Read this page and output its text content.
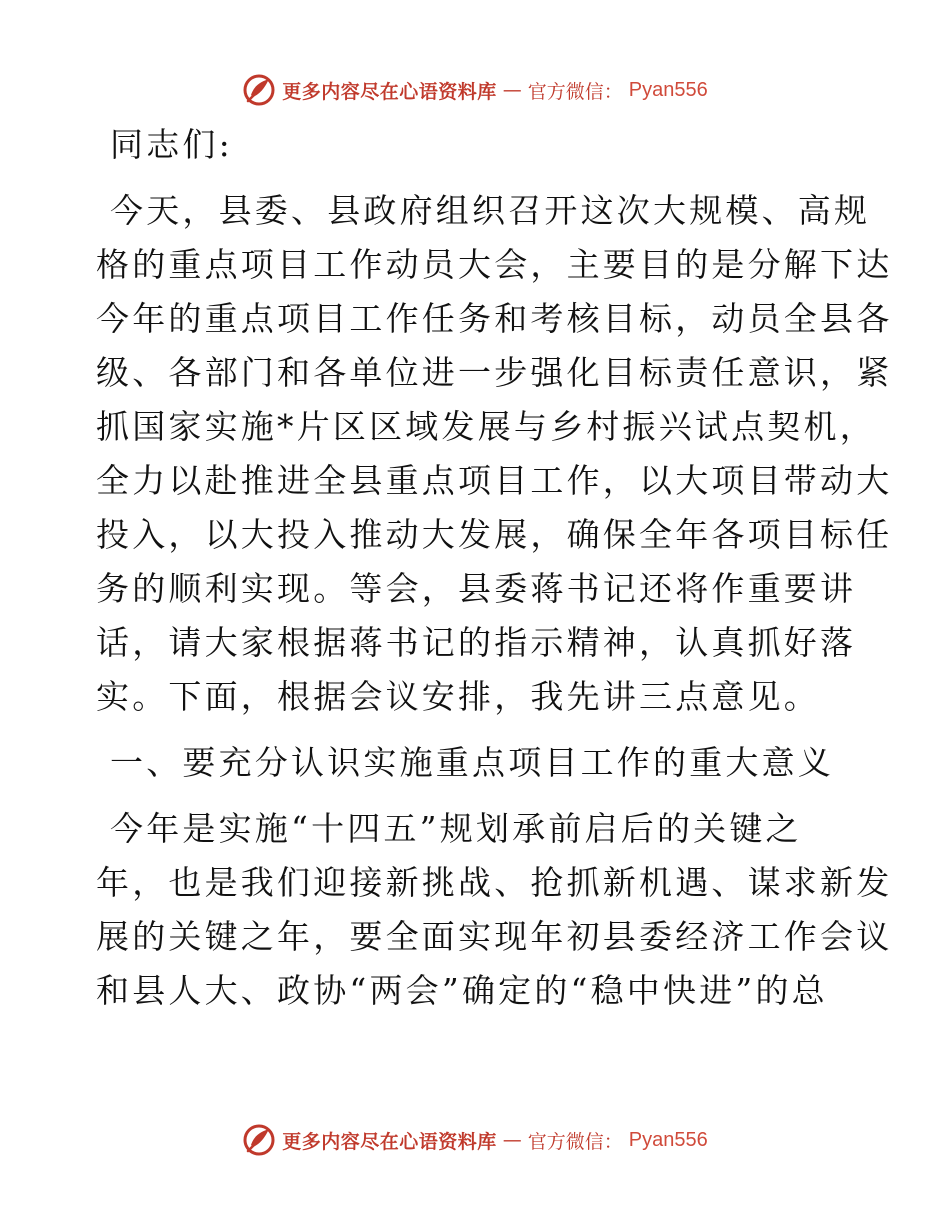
更多内容尽在心语资料库 — 官方微信： Pyan556
同志们:
今天，县委、县政府组织召开这次大规模、高规
格的重点项目工作动员大会，主要目的是分解下达
今年的重点项目工作任务和考核目标，动员全县各
级、各部门和各单位进一步强化目标责任意识，紧
抓国家实施*片区区域发展与乡村振兴试点契机，
全力以赴推进全县重点项目工作，以大项目带动大
投入，以大投入推动大发展，确保全年各项目标任
务的顺利实现。等会，县委蒋书记还将作重要讲
话，请大家根据蒋书记的指示精神，认真抓好落
实。下面，根据会议安排，我先讲三点意见。
一、要充分认识实施重点项目工作的重大意义
今年是实施“十四五”规划承前启后的关键之
年，也是我们迎接新挑战、抢抓新机遇、谋求新发
展的关键之年，要全面实现年初县委经济工作会议
和县人大、政协“两会”确定的“稳中快进”的总
更多内容尽在心语资料库 — 官方微信： Pyan556
